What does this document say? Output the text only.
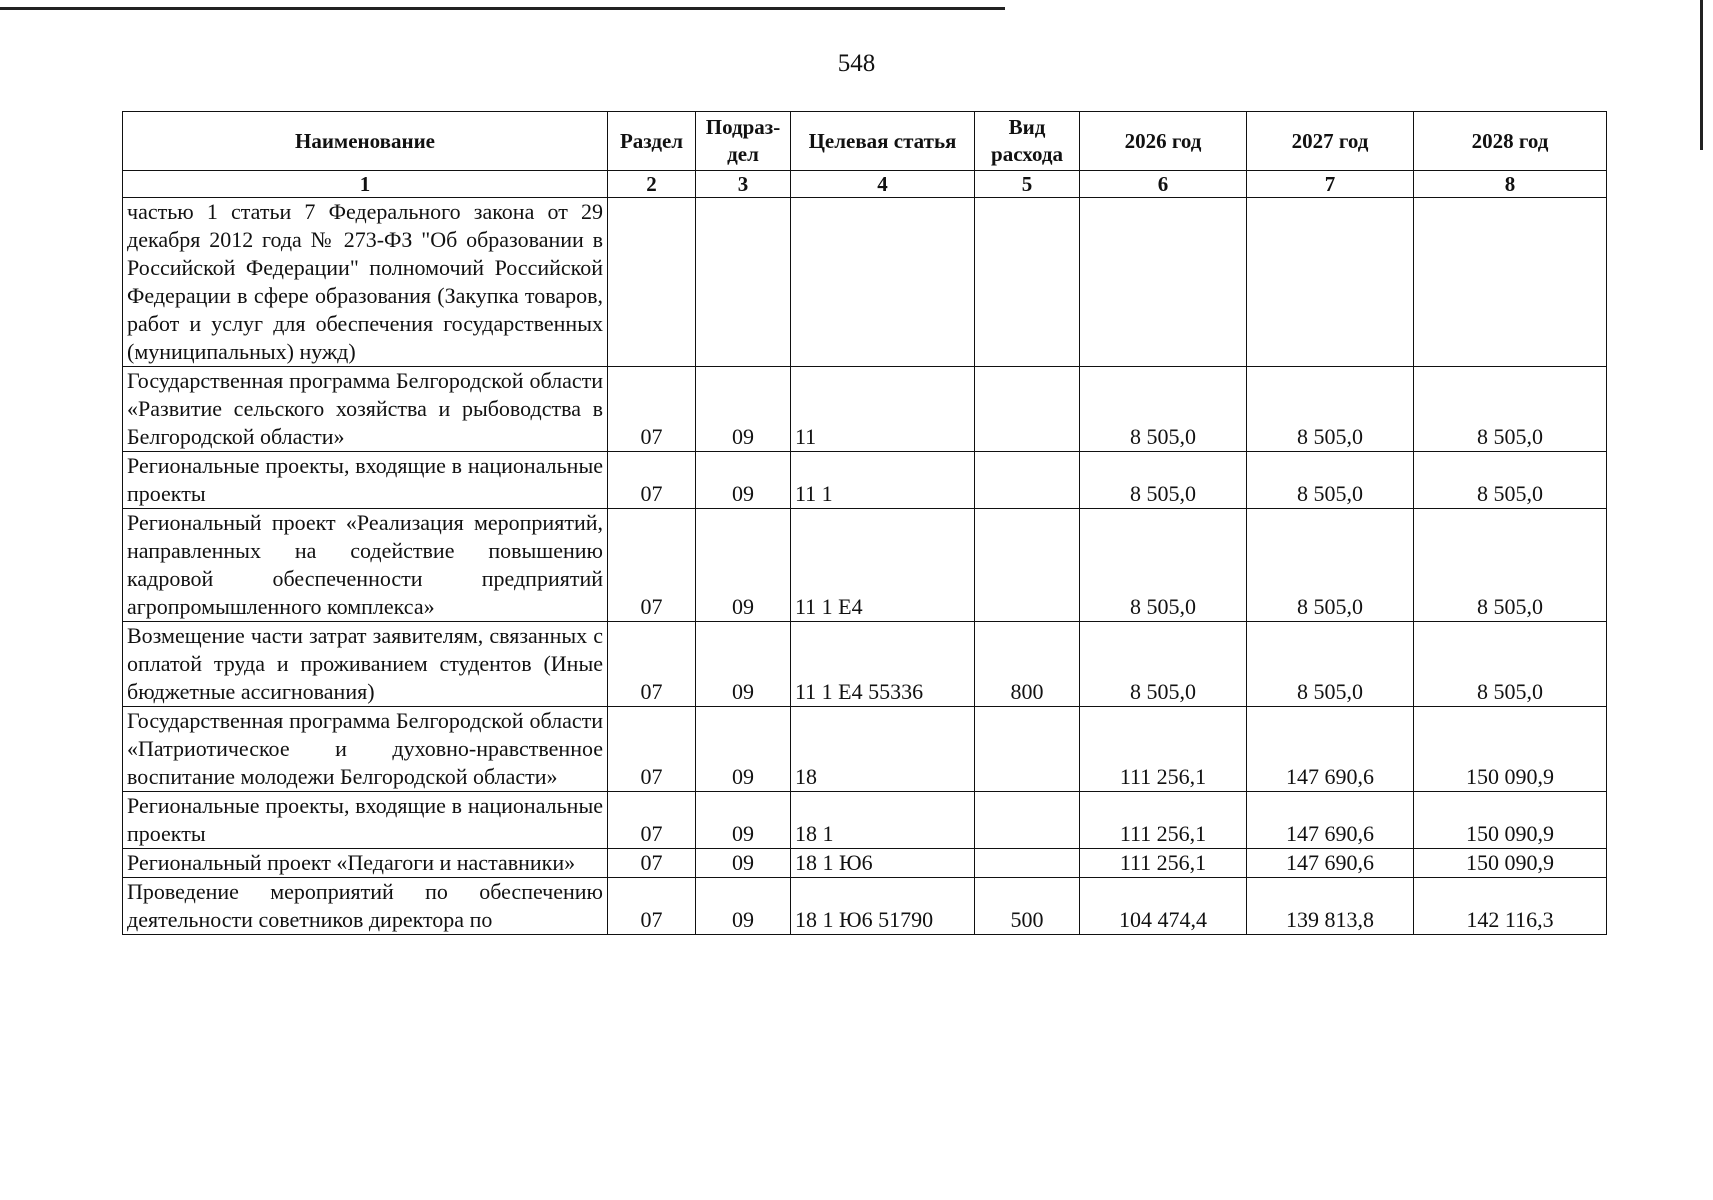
548
Наименование	Раздел	Подраз-дел	Целевая статья	Вид расхода	2026 год	2027 год	2028 год
1	2	3	4	5	6	7	8
частью 1 статьи 7 Федерального закона от 29 декабря 2012 года № 273-ФЗ "Об образовании в Российской Федерации" полномочий Российской Федерации в сфере образования (Закупка товаров, работ и услуг для обеспечения государственных (муниципальных) нужд)							
Государственная программа Белгородской области «Развитие сельского хозяйства и рыбоводства в Белгородской области»	07	09	11		8 505,0	8 505,0	8 505,0
Региональные проекты, входящие в национальные проекты	07	09	11 1		8 505,0	8 505,0	8 505,0
Региональный проект «Реализация мероприятий, направленных на содействие повышению кадровой обеспеченности предприятий агропромышленного комплекса»	07	09	11 1 Е4		8 505,0	8 505,0	8 505,0
Возмещение части затрат заявителям, связанных с оплатой труда и проживанием студентов (Иные бюджетные ассигнования)	07	09	11 1 Е4 55336	800	8 505,0	8 505,0	8 505,0
Государственная программа Белгородской области «Патриотическое и духовно-нравственное воспитание молодежи Белгородской области»	07	09	18		111 256,1	147 690,6	150 090,9
Региональные проекты, входящие в национальные проекты	07	09	18 1		111 256,1	147 690,6	150 090,9
Региональный проект «Педагоги и наставники»	07	09	18 1 Ю6		111 256,1	147 690,6	150 090,9
Проведение мероприятий по обеспечению деятельности советников директора по	07	09	18 1 Ю6 51790	500	104 474,4	139 813,8	142 116,3
